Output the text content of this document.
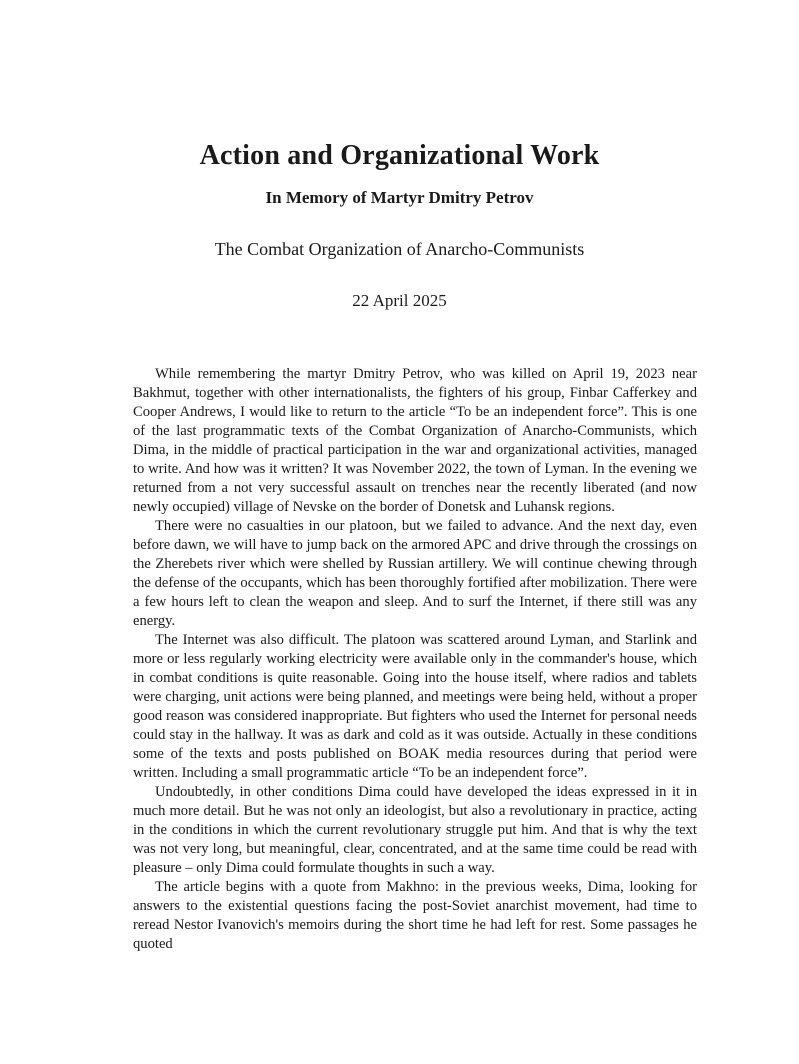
Action and Organizational Work
In Memory of Martyr Dmitry Petrov
The Combat Organization of Anarcho-Communists
22 April 2025

While remembering the martyr Dmitry Petrov, who was killed on April 19, 2023 near Bakhmut, together with other internationalists, the fighters of his group, Finbar Cafferkey and Cooper Andrews, I would like to return to the article “To be an independent force”. This is one of the last programmatic texts of the Combat Organization of Anarcho-Communists, which Dima, in the middle of practical participation in the war and organizational activities, managed to write. And how was it written? It was November 2022, the town of Lyman. In the evening we returned from a not very successful assault on trenches near the recently liberated (and now newly occupied) village of Nevske on the border of Donetsk and Luhansk regions.

There were no casualties in our platoon, but we failed to advance. And the next day, even before dawn, we will have to jump back on the armored APC and drive through the crossings on the Zherebets river which were shelled by Russian artillery. We will continue chewing through the defense of the occupants, which has been thoroughly fortified after mobilization. There were a few hours left to clean the weapon and sleep. And to surf the Internet, if there still was any energy.

The Internet was also difficult. The platoon was scattered around Lyman, and Starlink and more or less regularly working electricity were available only in the commander's house, which in combat conditions is quite reasonable. Going into the house itself, where radios and tablets were charging, unit actions were being planned, and meetings were being held, without a proper good reason was considered inappropriate. But fighters who used the Internet for personal needs could stay in the hallway. It was as dark and cold as it was outside. Actually in these conditions some of the texts and posts published on BOAK media resources during that period were written. Including a small programmatic article “To be an independent force”.

Undoubtedly, in other conditions Dima could have developed the ideas expressed in it in much more detail. But he was not only an ideologist, but also a revolutionary in practice, acting in the conditions in which the current revolutionary struggle put him. And that is why the text was not very long, but meaningful, clear, concentrated, and at the same time could be read with pleasure – only Dima could formulate thoughts in such a way.

The article begins with a quote from Makhno: in the previous weeks, Dima, looking for answers to the existential questions facing the post-Soviet anarchist movement, had time to reread Nestor Ivanovich's memoirs during the short time he had left for rest. Some passages he quoted
